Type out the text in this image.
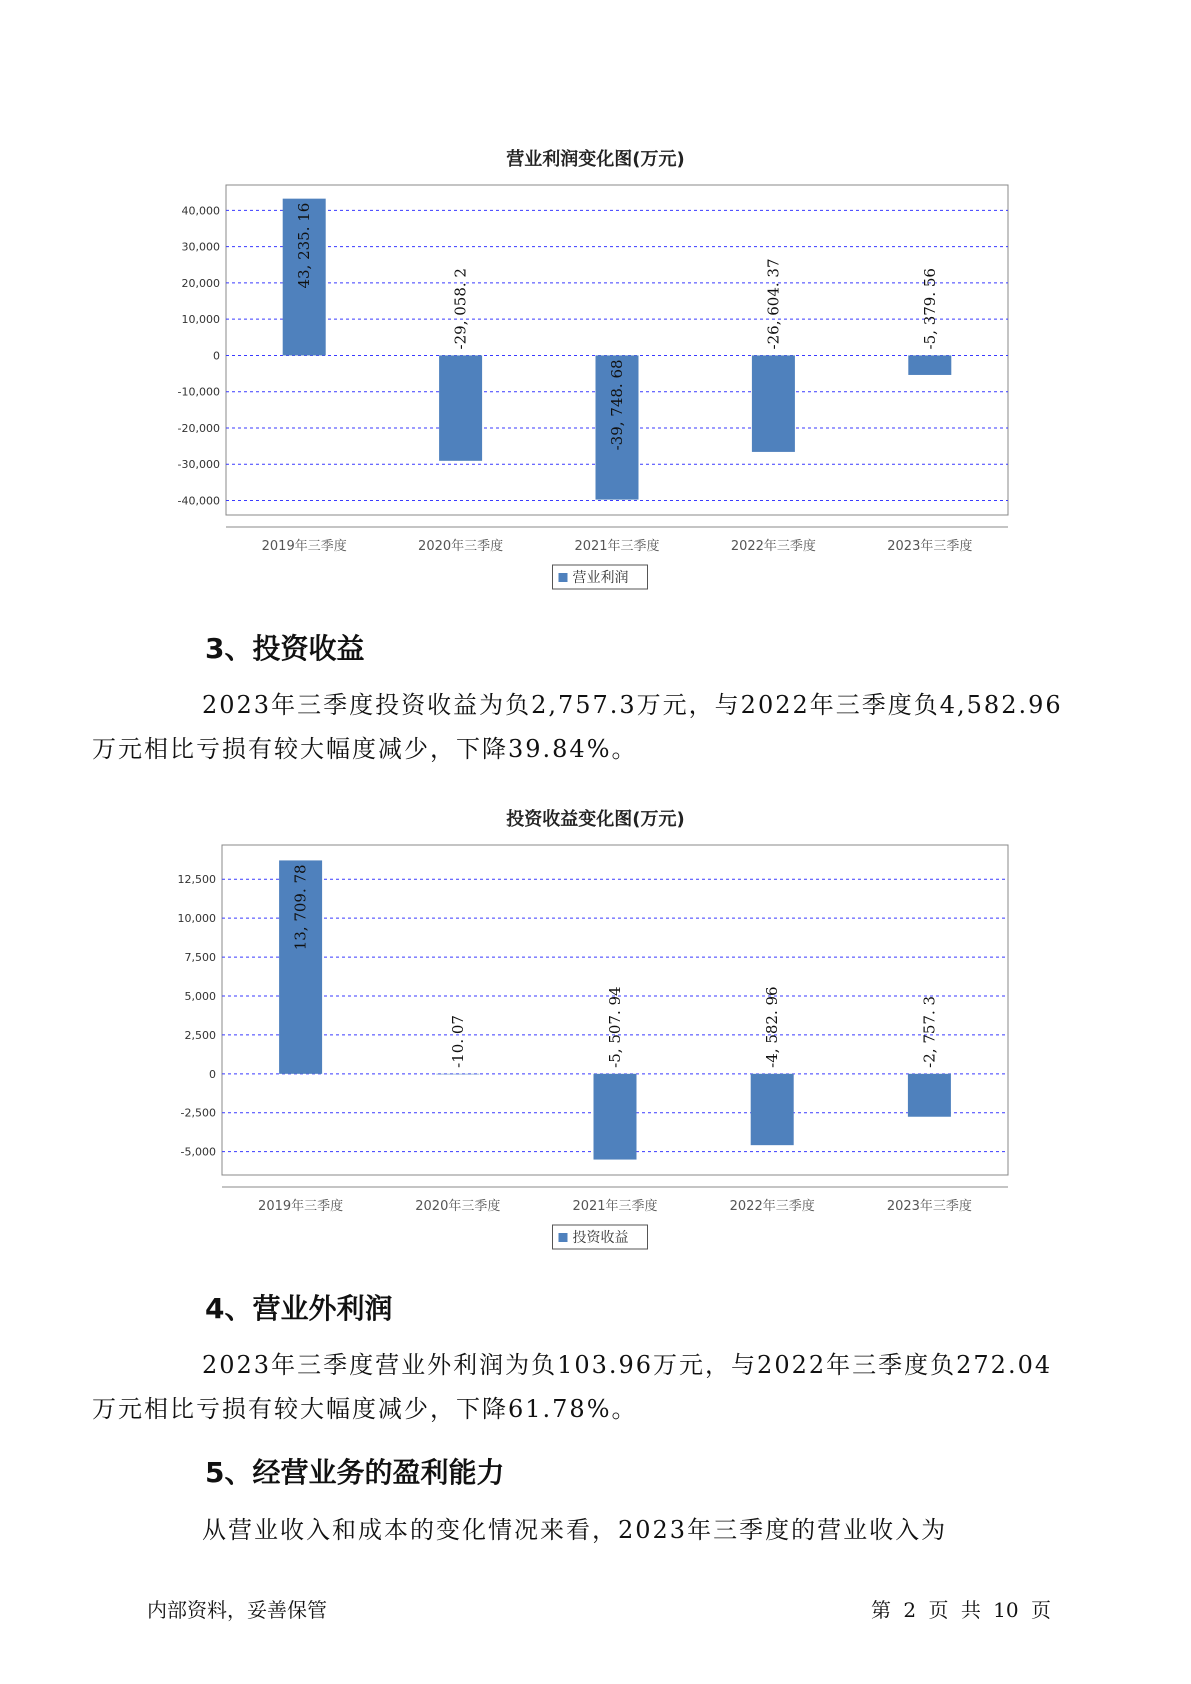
营业利润变化图(万元)
40,000
30,000
20,000
10,000
0
-10,000
-20,000
-30,000
-40,000
43, 235. 16
2019年三季度
-29, 058. 2
2020年三季度
-39, 748. 68
2021年三季度
-26, 604. 37
2022年三季度
-5, 379. 56
2023年三季度
营业利润
3、投资收益
2023年三季度投资收益为负2,757.3万元，与2022年三季度负4,582.96
万元相比亏损有较大幅度减少，下降39.84%。
投资收益变化图(万元)
12,500
10,000
7,500
5,000
2,500
0
-2,500
-5,000
13, 709. 78
2019年三季度
-10. 07
2020年三季度
-5, 507. 94
2021年三季度
-4, 582. 96
2022年三季度
-2, 757. 3
2023年三季度
投资收益
4、营业外利润
2023年三季度营业外利润为负103.96万元，与2022年三季度负272.04
万元相比亏损有较大幅度减少，下降61.78%。
5、经营业务的盈利能力
从营业收入和成本的变化情况来看，2023年三季度的营业收入为
内部资料，妥善保管	第 2 页 共 10 页
